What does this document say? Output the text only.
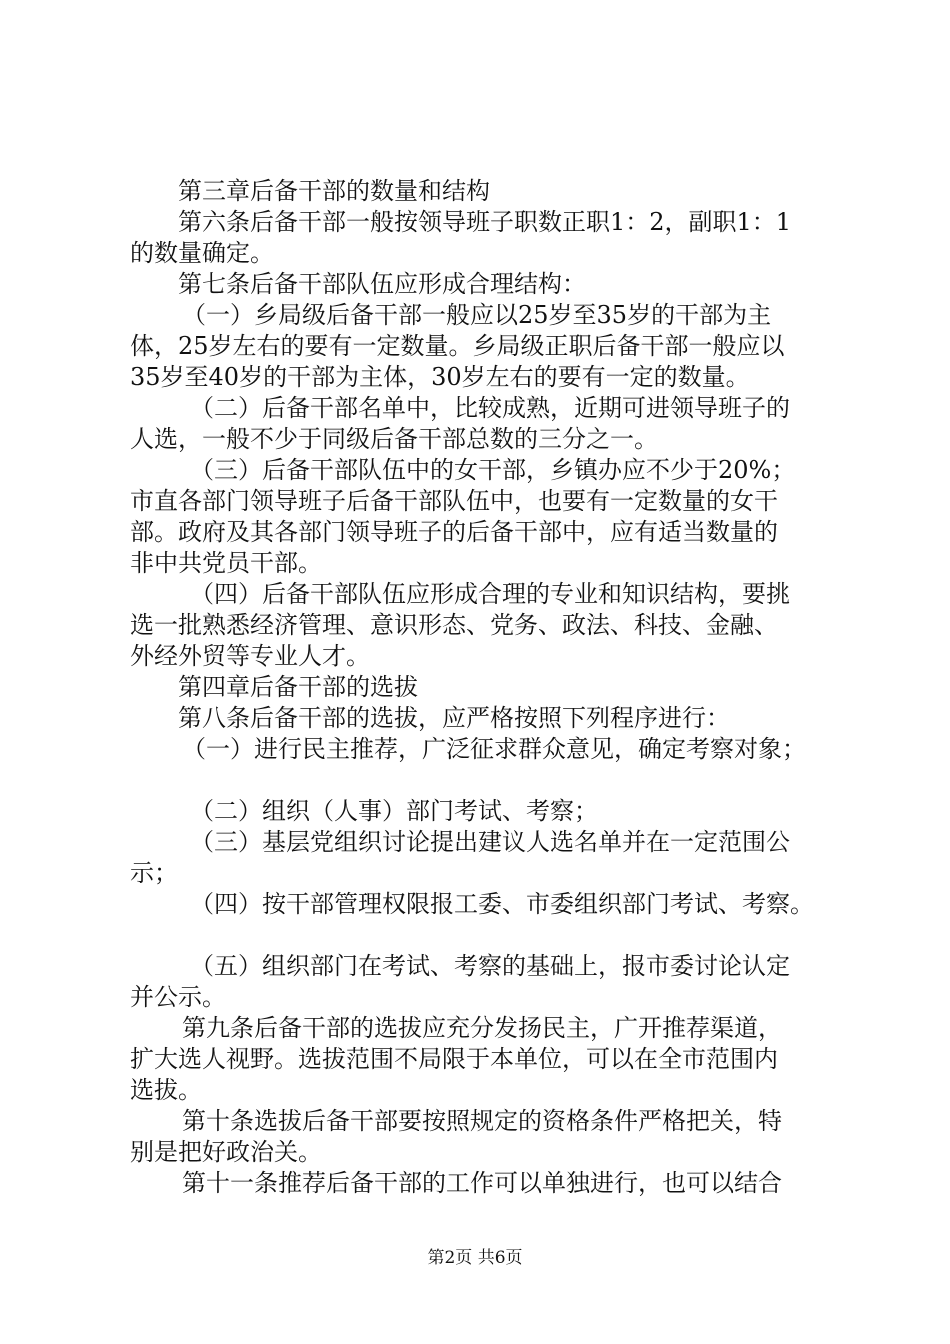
第三章后备干部的数量和结构
第六条后备干部一般按领导班子职数正职1：2，副职1：1
的数量确定。
第七条后备干部队伍应形成合理结构：
（一）乡局级后备干部一般应以25岁至35岁的干部为主
体，25岁左右的要有一定数量。乡局级正职后备干部一般应以
35岁至40岁的干部为主体，30岁左右的要有一定的数量。
（二）后备干部名单中，比较成熟，近期可进领导班子的
人选，一般不少于同级后备干部总数的三分之一。
（三）后备干部队伍中的女干部，乡镇办应不少于20%；
市直各部门领导班子后备干部队伍中，也要有一定数量的女干
部。政府及其各部门领导班子的后备干部中，应有适当数量的
非中共党员干部。
（四）后备干部队伍应形成合理的专业和知识结构，要挑
选一批熟悉经济管理、意识形态、党务、政法、科技、金融、
外经外贸等专业人才。
第四章后备干部的选拔
第八条后备干部的选拔，应严格按照下列程序进行：
（一）进行民主推荐，广泛征求群众意见，确定考察对象；
（二）组织（人事）部门考试、考察；
（三）基层党组织讨论提出建议人选名单并在一定范围公
示；
（四）按干部管理权限报工委、市委组织部门考试、考察。
（五）组织部门在考试、考察的基础上，报市委讨论认定
并公示。
第九条后备干部的选拔应充分发扬民主，广开推荐渠道，
扩大选人视野。选拔范围不局限于本单位，可以在全市范围内
选拔。
第十条选拔后备干部要按照规定的资格条件严格把关，特
别是把好政治关。
第十一条推荐后备干部的工作可以单独进行，也可以结合
第2页 共6页
